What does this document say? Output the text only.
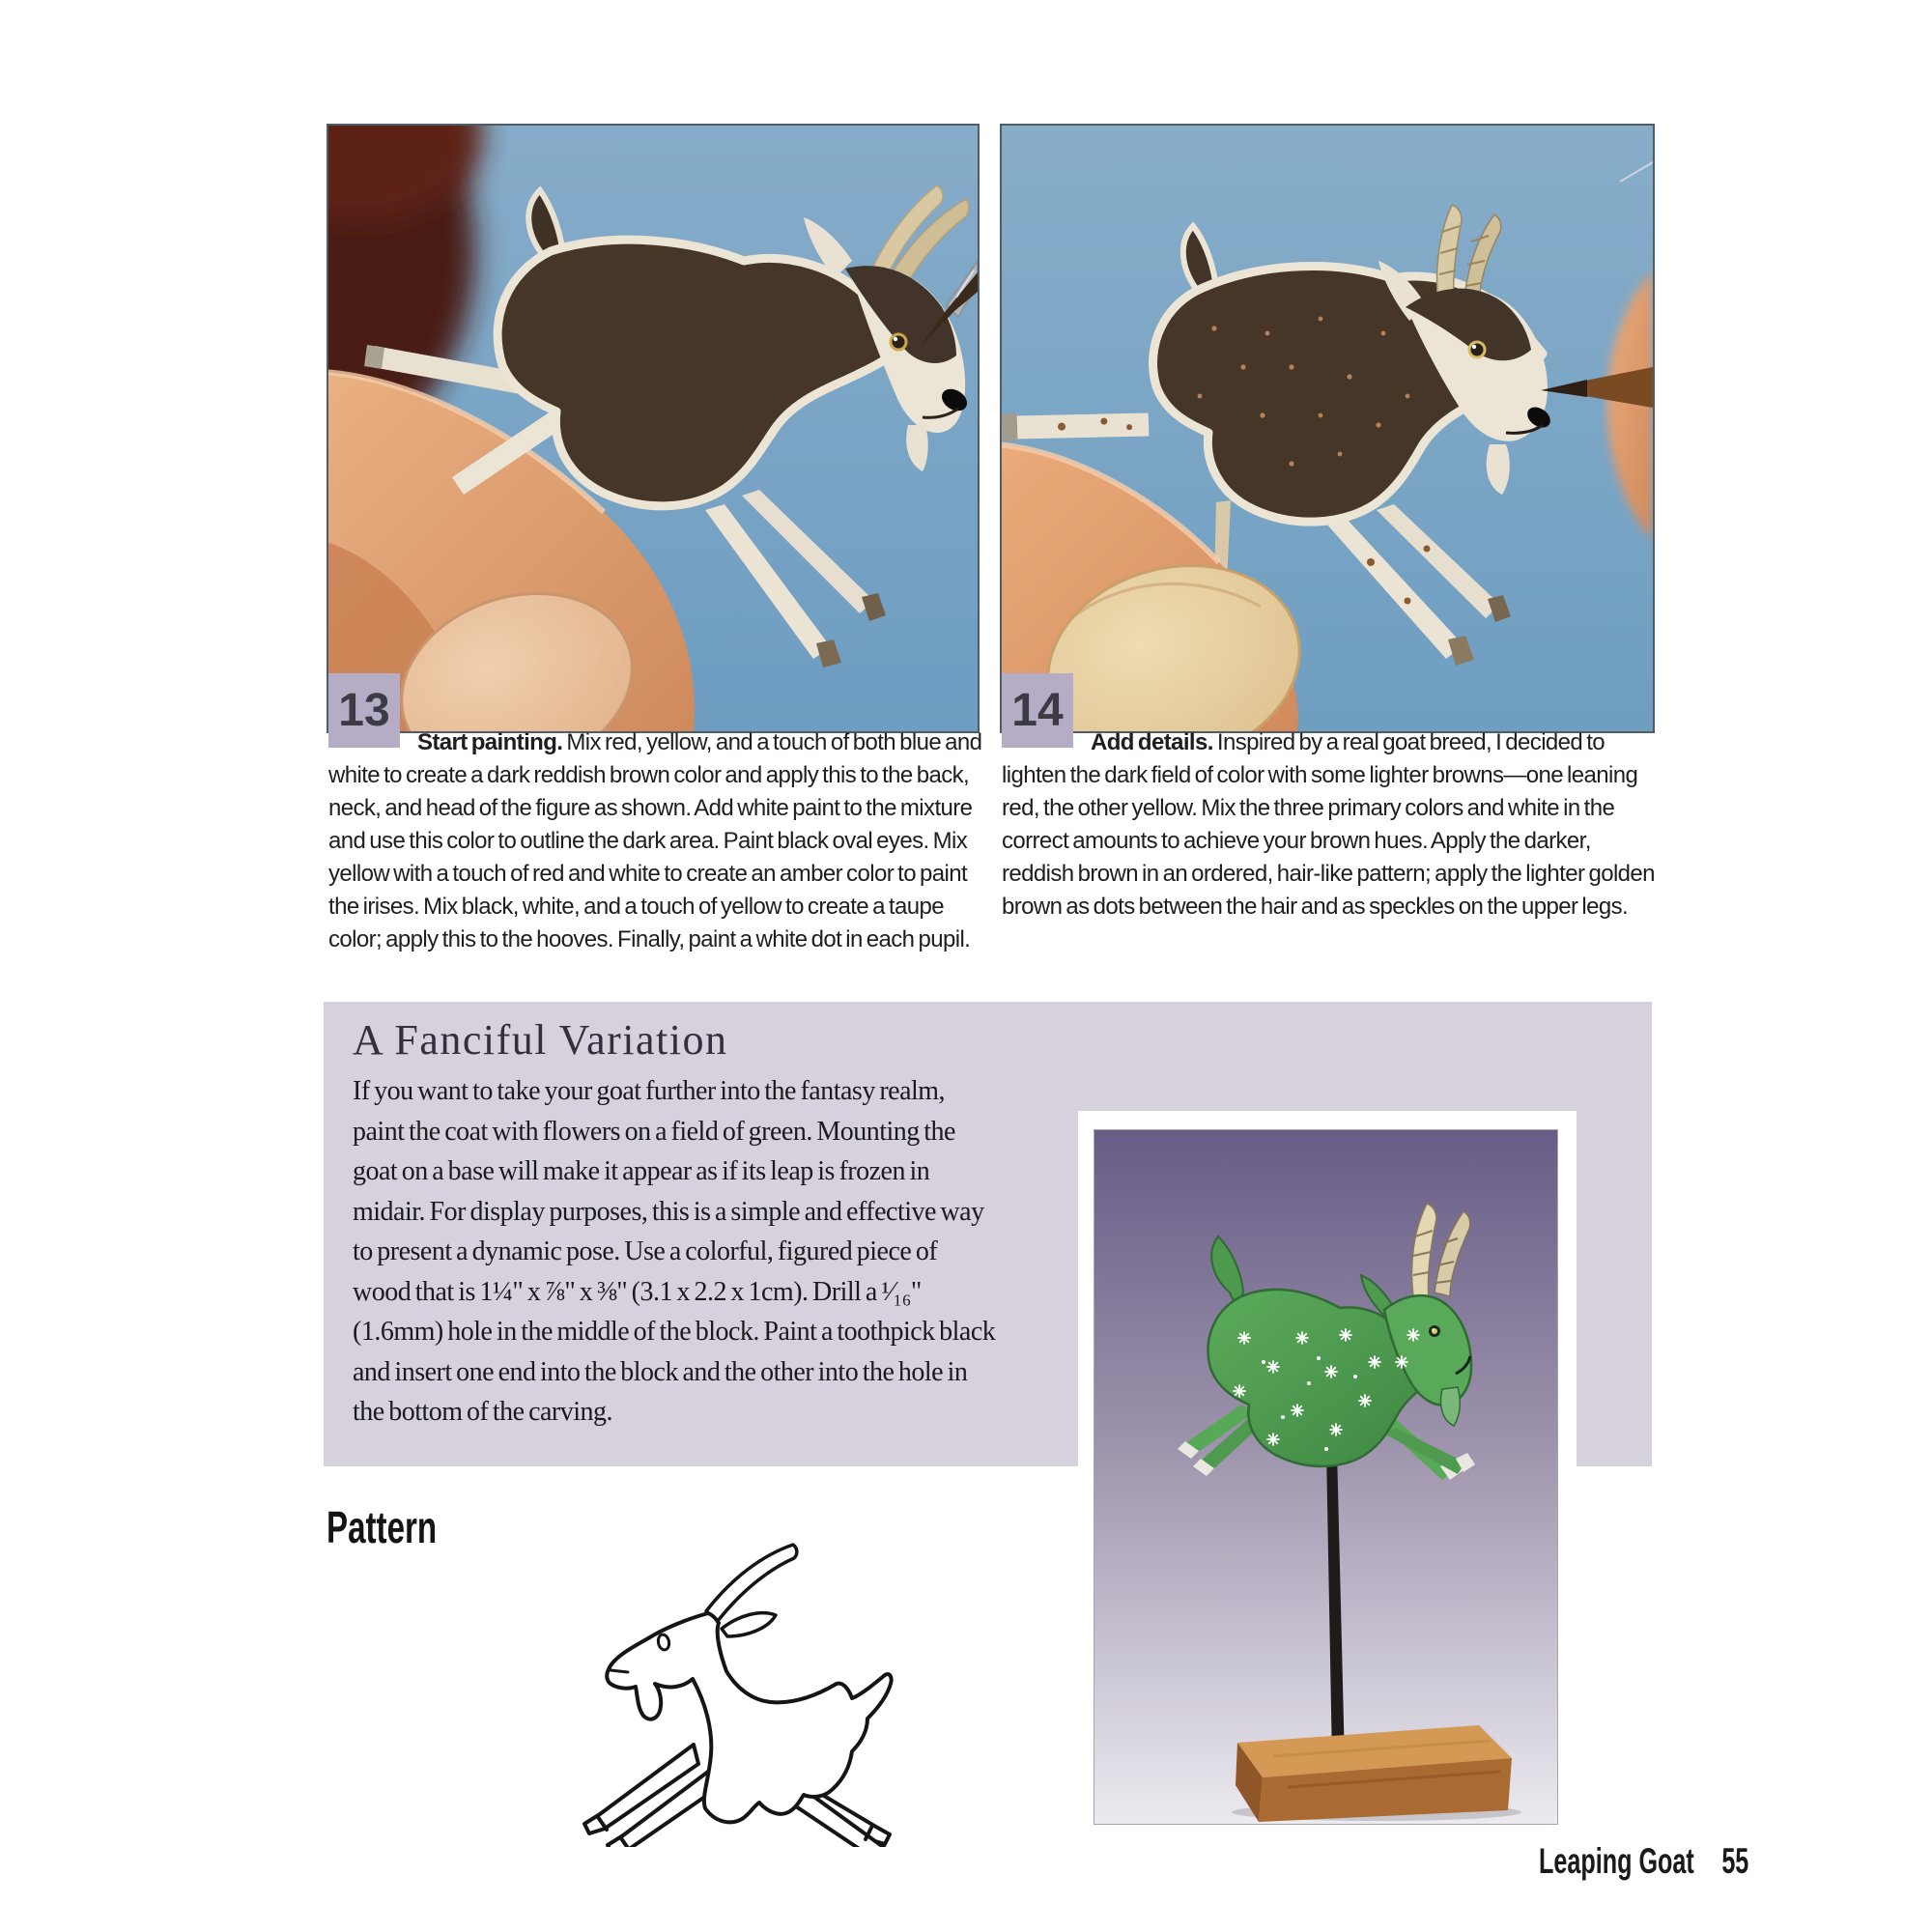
13	14

Start painting. Mix red, yellow, and a touch of both blue and white to create a dark reddish brown color and apply this to the back, neck, and head of the figure as shown. Add white paint to the mixture and use this color to outline the dark area. Paint black oval eyes. Mix yellow with a touch of red and white to create an amber color to paint the irises. Mix black, white, and a touch of yellow to create a taupe color; apply this to the hooves. Finally, paint a white dot in each pupil.

Add details. Inspired by a real goat breed, I decided to lighten the dark field of color with some lighter browns—one leaning red, the other yellow. Mix the three primary colors and white in the correct amounts to achieve your brown hues. Apply the darker, reddish brown in an ordered, hair-like pattern; apply the lighter golden brown as dots between the hair and as speckles on the upper legs.

A Fanciful Variation

If you want to take your goat further into the fantasy realm, paint the coat with flowers on a field of green. Mounting the goat on a base will make it appear as if its leap is frozen in midair. For display purposes, this is a simple and effective way to present a dynamic pose. Use a colorful, figured piece of wood that is 1¼" x ⅞" x ⅜" (3.1 x 2.2 x 1cm). Drill a ¹⁄₁₆" (1.6mm) hole in the middle of the block. Paint a toothpick black and insert one end into the block and the other into the hole in the bottom of the carving.

Pattern
Leaping Goat 55
